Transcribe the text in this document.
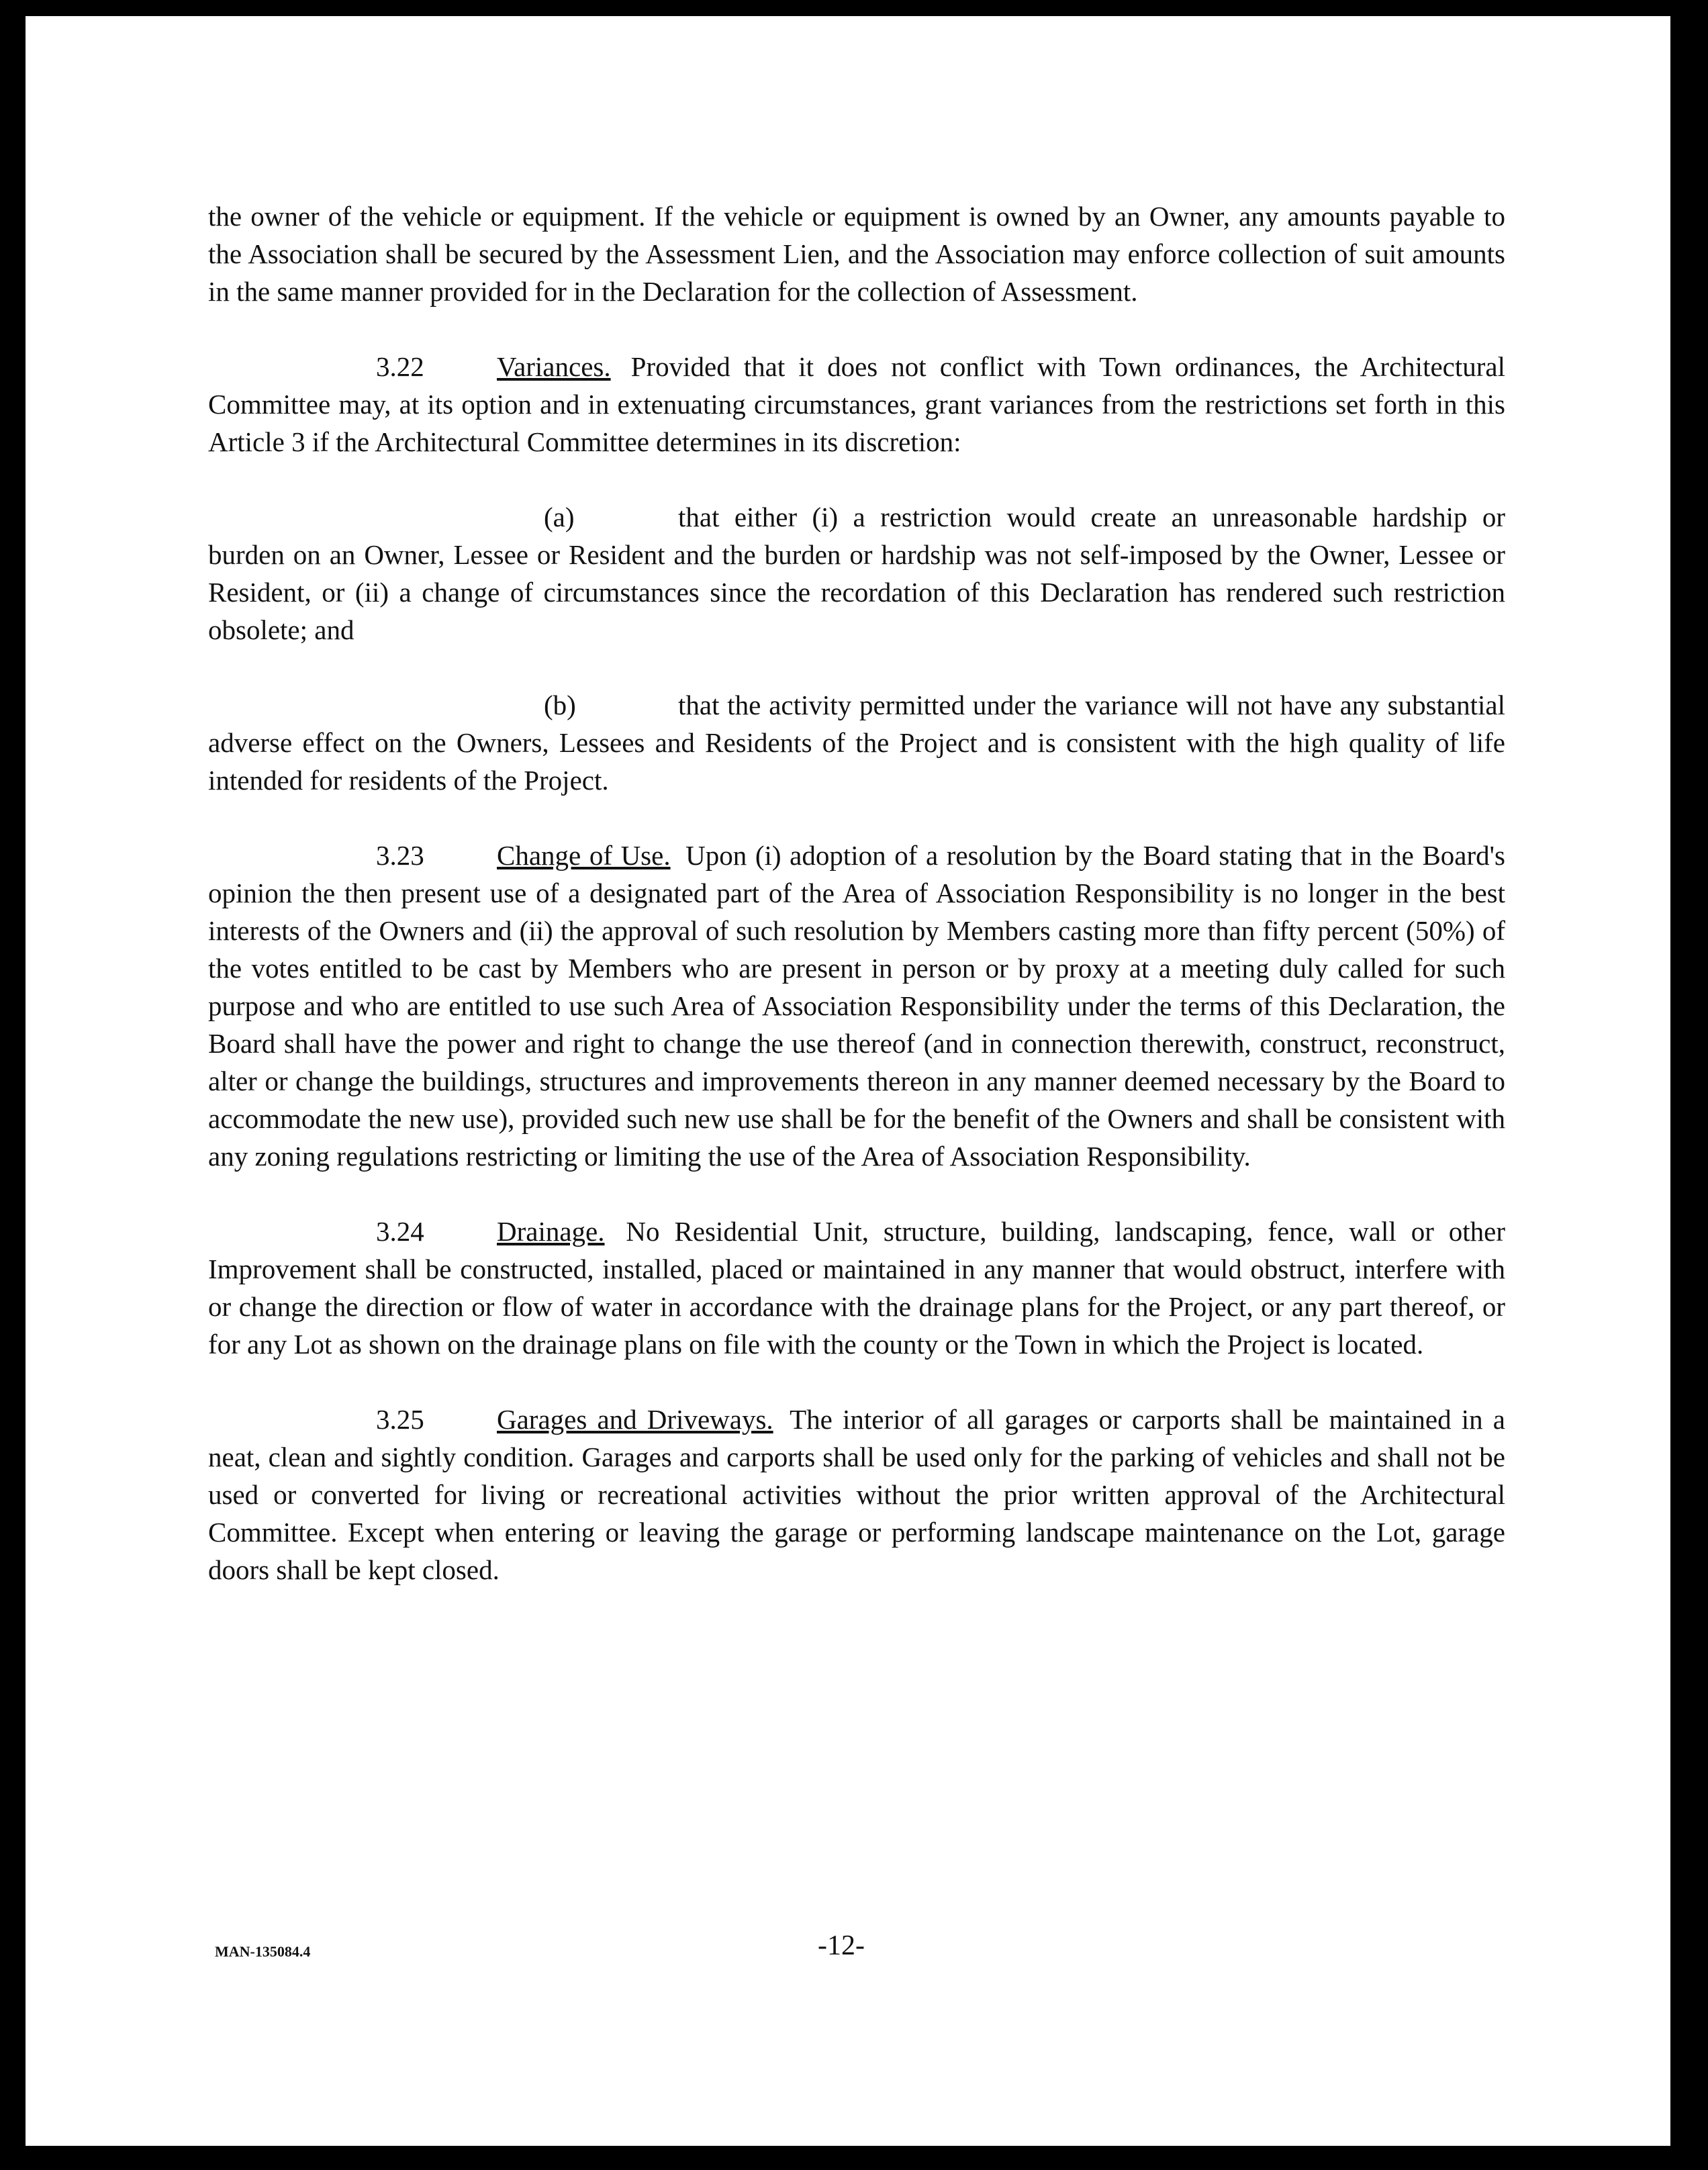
the owner of the vehicle or equipment. If the vehicle or equipment is owned by an Owner, any amounts payable to the Association shall be secured by the Assessment Lien, and the Association may enforce collection of suit amounts in the same manner provided for in the Declaration for the collection of Assessment.

3.22	Variances. Provided that it does not conflict with Town ordinances, the Architectural Committee may, at its option and in extenuating circumstances, grant variances from the restrictions set forth in this Article 3 if the Architectural Committee determines in its discretion:

(a)	that either (i) a restriction would create an unreasonable hardship or burden on an Owner, Lessee or Resident and the burden or hardship was not self-imposed by the Owner, Lessee or Resident, or (ii) a change of circumstances since the recordation of this Declaration has rendered such restriction obsolete; and

(b)	that the activity permitted under the variance will not have any substantial adverse effect on the Owners, Lessees and Residents of the Project and is consistent with the high quality of life intended for residents of the Project.

3.23	Change of Use. Upon (i) adoption of a resolution by the Board stating that in the Board's opinion the then present use of a designated part of the Area of Association Responsibility is no longer in the best interests of the Owners and (ii) the approval of such resolution by Members casting more than fifty percent (50%) of the votes entitled to be cast by Members who are present in person or by proxy at a meeting duly called for such purpose and who are entitled to use such Area of Association Responsibility under the terms of this Declaration, the Board shall have the power and right to change the use thereof (and in connection therewith, construct, reconstruct, alter or change the buildings, structures and improvements thereon in any manner deemed necessary by the Board to accommodate the new use), provided such new use shall be for the benefit of the Owners and shall be consistent with any zoning regulations restricting or limiting the use of the Area of Association Responsibility.

3.24	Drainage. No Residential Unit, structure, building, landscaping, fence, wall or other Improvement shall be constructed, installed, placed or maintained in any manner that would obstruct, interfere with or change the direction or flow of water in accordance with the drainage plans for the Project, or any part thereof, or for any Lot as shown on the drainage plans on file with the county or the Town in which the Project is located.

3.25	Garages and Driveways. The interior of all garages or carports shall be maintained in a neat, clean and sightly condition. Garages and carports shall be used only for the parking of vehicles and shall not be used or converted for living or recreational activities without the prior written approval of the Architectural Committee. Except when entering or leaving the garage or performing landscape maintenance on the Lot, garage doors shall be kept closed.

MAN-135084.4	-12-
